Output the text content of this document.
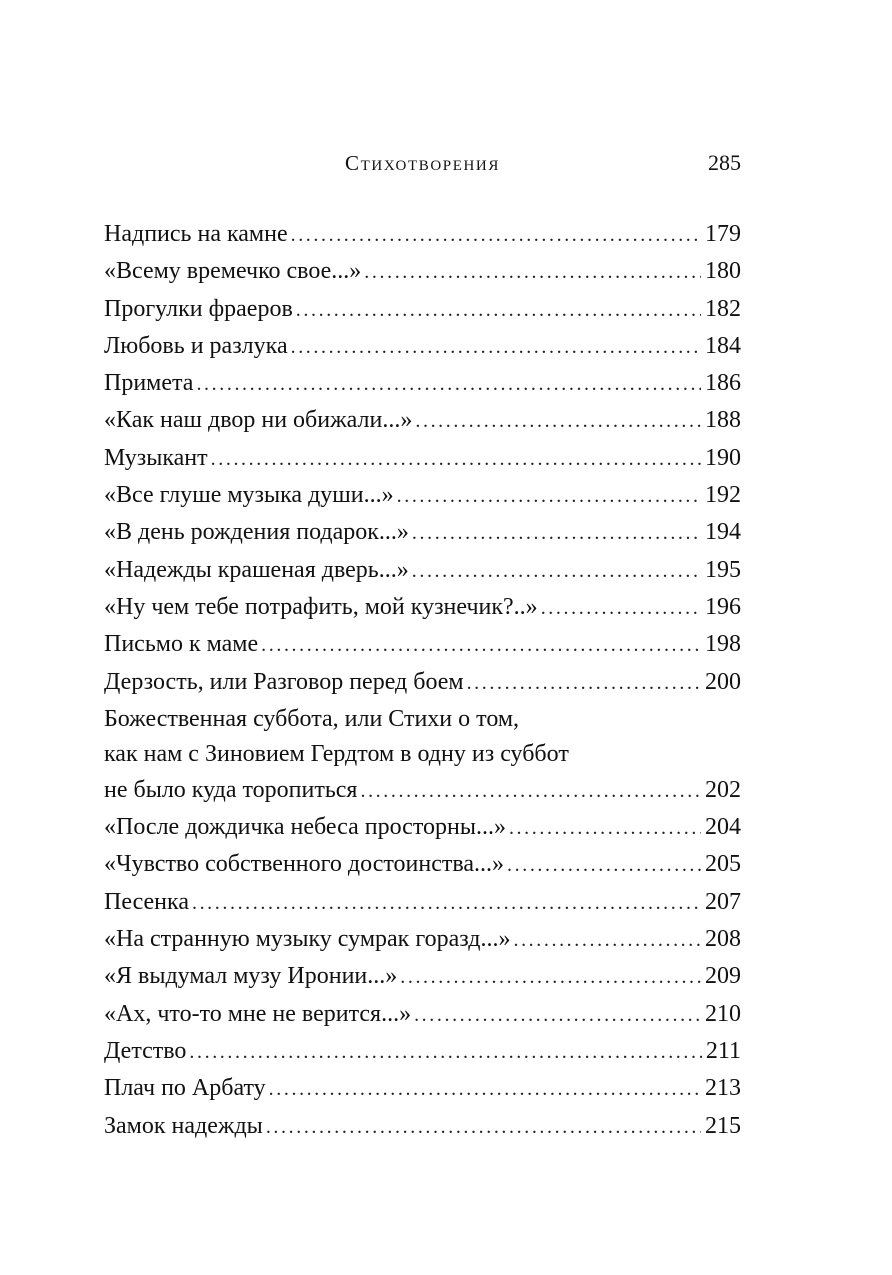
Стихотворения	285
Надпись на камне . . .	179
«Всему времечко свое...» . . .	180
Прогулки фраеров . . .	182
Любовь и разлука . . .	184
Примета . . .	186
«Как наш двор ни обижали...» . . .	188
Музыкант . . .	190
«Все глуше музыка души...» . . .	192
«В день рождения подарок...» . . .	194
«Надежды крашеная дверь...» . . .	195
«Ну чем тебе потрафить, мой кузнечик?..» . . .	196
Письмо к маме . . .	198
Дерзость, или Разговор перед боем . . .	200
Божественная суббота, или Стихи о том,
как нам с Зиновием Гердтом в одну из суббот
не было куда торопиться . . .	202
«После дождичка небеса просторны...» . . .	204
«Чувство собственного достоинства...» . . .	205
Песенка . . .	207
«На странную музыку сумрак горазд...» . . .	208
«Я выдумал музу Иронии...» . . .	209
«Ах, что-то мне не верится...» . . .	210
Детство . . .	211
Плач по Арбату . . .	213
Замок надежды . . .	215
